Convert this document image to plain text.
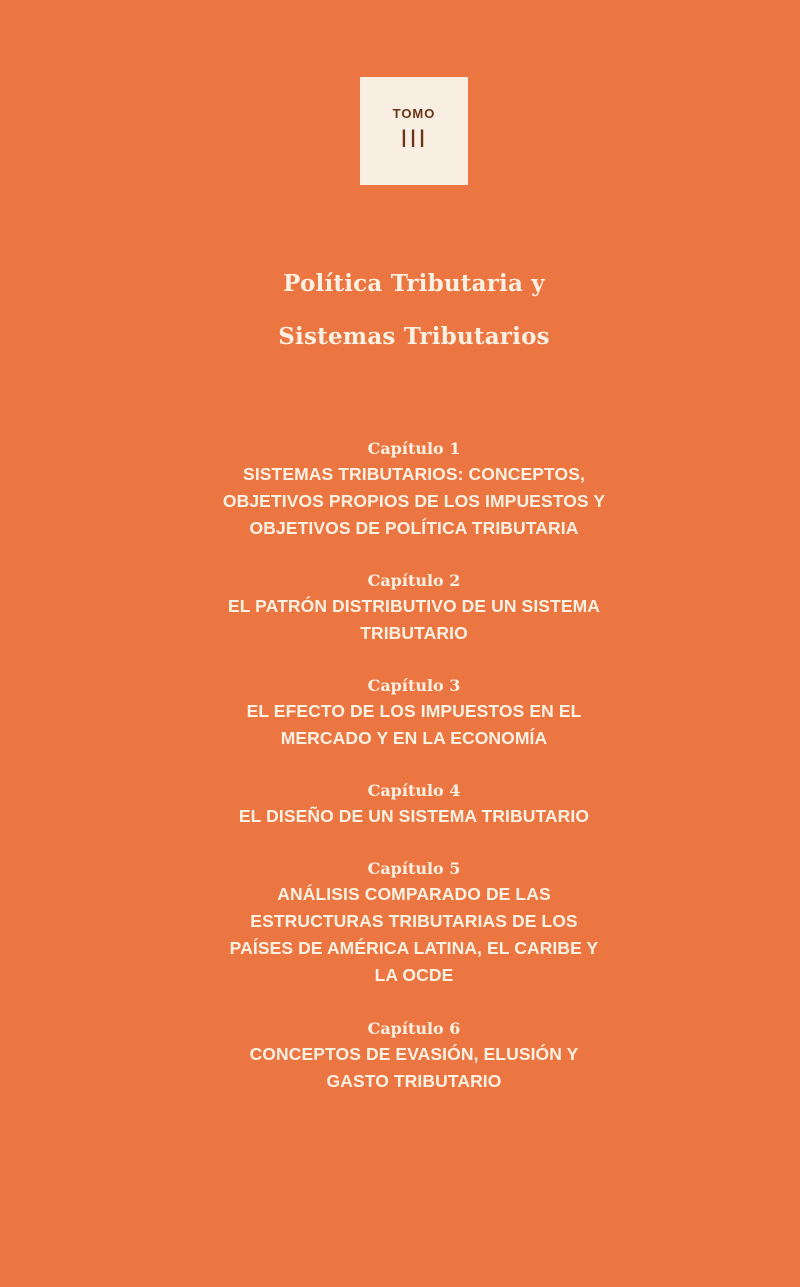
TOMO
III
Política Tributaria y
Sistemas Tributarios
Capítulo 1
SISTEMAS TRIBUTARIOS: CONCEPTOS,
OBJETIVOS PROPIOS DE LOS IMPUESTOS Y
OBJETIVOS DE POLÍTICA TRIBUTARIA
Capítulo 2
EL PATRÓN DISTRIBUTIVO DE UN SISTEMA
TRIBUTARIO
Capítulo 3
EL EFECTO DE LOS IMPUESTOS EN EL
MERCADO Y EN LA ECONOMÍA
Capítulo 4
EL DISEÑO DE UN SISTEMA TRIBUTARIO
Capítulo 5
ANÁLISIS COMPARADO DE LAS
ESTRUCTURAS TRIBUTARIAS DE LOS
PAÍSES DE AMÉRICA LATINA, EL CARIBE Y
LA OCDE
Capítulo 6
CONCEPTOS DE EVASIÓN, ELUSIÓN Y
GASTO TRIBUTARIO
